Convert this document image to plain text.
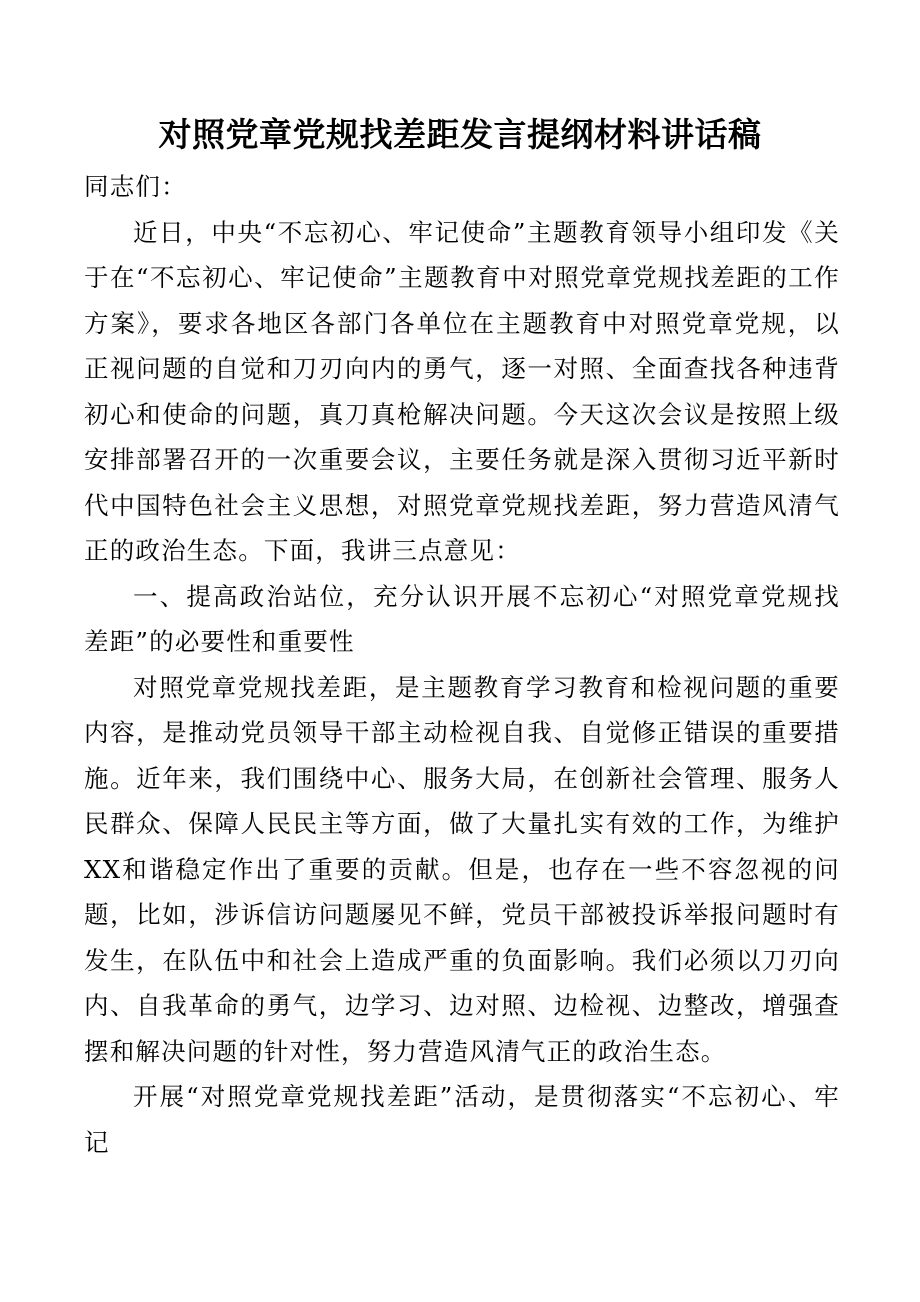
对照党章党规找差距发言提纲材料讲话稿

同志们：

近日，中央“不忘初心、牢记使命”主题教育领导小组印发《关于在“不忘初心、牢记使命”主题教育中对照党章党规找差距的工作方案》，要求各地区各部门各单位在主题教育中对照党章党规，以正视问题的自觉和刀刃向内的勇气，逐一对照、全面查找各种违背初心和使命的问题，真刀真枪解决问题。今天这次会议是按照上级安排部署召开的一次重要会议，主要任务就是深入贯彻习近平新时代中国特色社会主义思想，对照党章党规找差距，努力营造风清气正的政治生态。下面，我讲三点意见：

一、提高政治站位，充分认识开展不忘初心“对照党章党规找差距”的必要性和重要性

对照党章党规找差距，是主题教育学习教育和检视问题的重要内容，是推动党员领导干部主动检视自我、自觉修正错误的重要措施。近年来，我们围绕中心、服务大局，在创新社会管理、服务人民群众、保障人民民主等方面，做了大量扎实有效的工作，为维护XX和谐稳定作出了重要的贡献。但是，也存在一些不容忽视的问题，比如，涉诉信访问题屡见不鲜，党员干部被投诉举报问题时有发生，在队伍中和社会上造成严重的负面影响。我们必须以刀刃向内、自我革命的勇气，边学习、边对照、边检视、边整改，增强查摆和解决问题的针对性，努力营造风清气正的政治生态。

开展“对照党章党规找差距”活动，是贯彻落实“不忘初心、牢记
